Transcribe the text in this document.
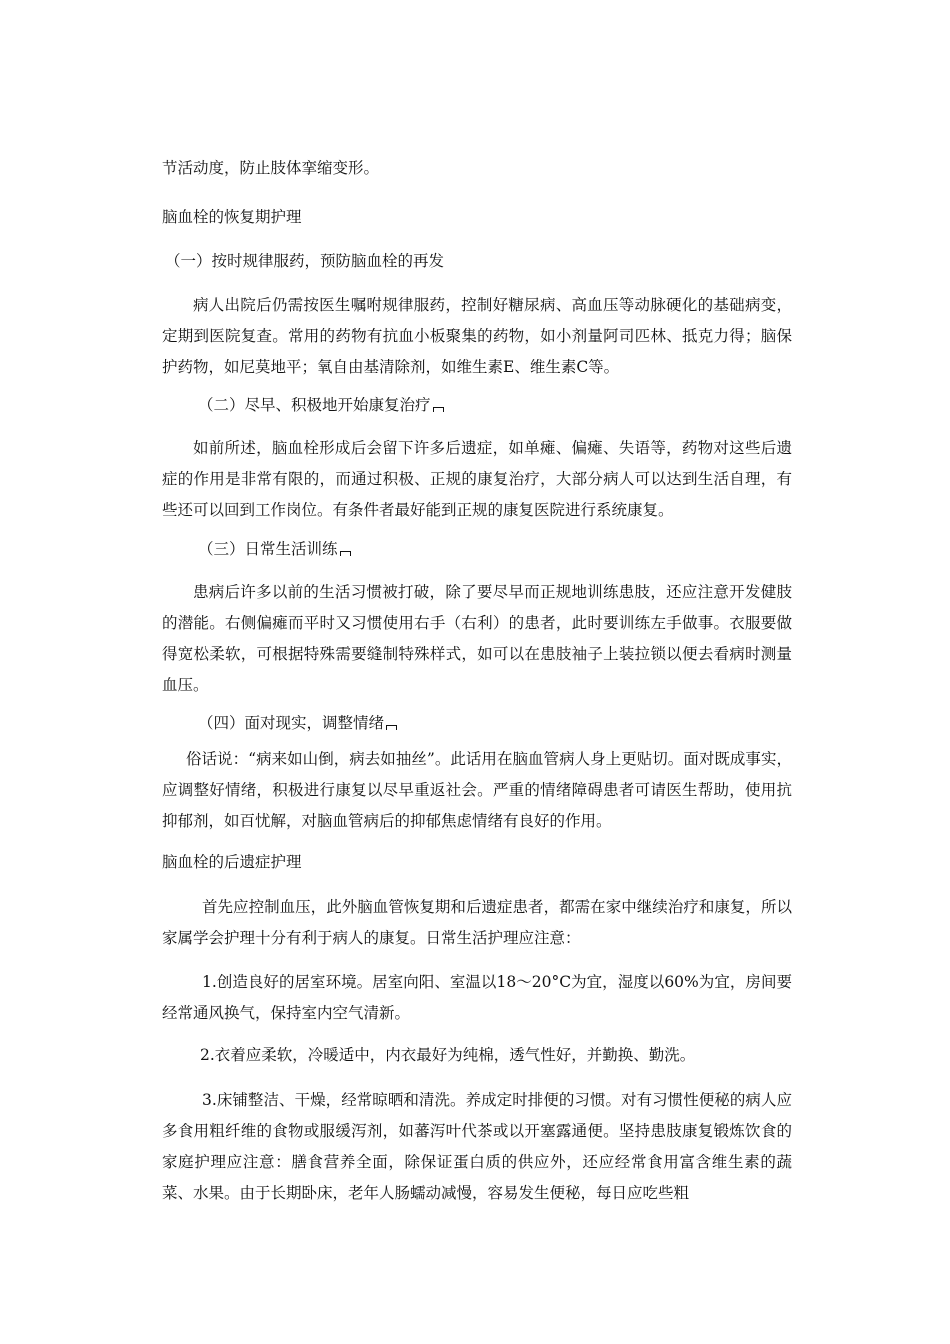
节活动度，防止肢体挛缩变形。

脑血栓的恢复期护理

（一）按时规律服药，预防脑血栓的再发

病人出院后仍需按医生嘱咐规律服药，控制好糖尿病、高血压等动脉硬化的基础病变，定期到医院复查。常用的药物有抗血小板聚集的药物，如小剂量阿司匹林、抵克力得；脑保护药物，如尼莫地平；氧自由基清除剂，如维生素E、维生素C等。

（二）尽早、积极地开始康复治疗

如前所述，脑血栓形成后会留下许多后遗症，如单瘫、偏瘫、失语等，药物对这些后遗症的作用是非常有限的，而通过积极、正规的康复治疗，大部分病人可以达到生活自理，有些还可以回到工作岗位。有条件者最好能到正规的康复医院进行系统康复。

（三）日常生活训练

患病后许多以前的生活习惯被打破，除了要尽早而正规地训练患肢，还应注意开发健肢的潜能。右侧偏瘫而平时又习惯使用右手（右利）的患者，此时要训练左手做事。衣服要做得宽松柔软，可根据特殊需要缝制特殊样式，如可以在患肢袖子上装拉锁以便去看病时测量血压。

（四）面对现实，调整情绪

俗话说：“病来如山倒，病去如抽丝”。此话用在脑血管病人身上更贴切。面对既成事实，应调整好情绪，积极进行康复以尽早重返社会。严重的情绪障碍患者可请医生帮助，使用抗抑郁剂，如百忧解，对脑血管病后的抑郁焦虑情绪有良好的作用。

脑血栓的后遗症护理

首先应控制血压，此外脑血管恢复期和后遗症患者，都需在家中继续治疗和康复，所以家属学会护理十分有利于病人的康复。日常生活护理应注意：

1.创造良好的居室环境。居室向阳、室温以18～20°C为宜，湿度以60%为宜，房间要经常通风换气，保持室内空气清新。

2.衣着应柔软，冷暖适中，内衣最好为纯棉，透气性好，并勤换、勤洗。

3.床铺整洁、干燥，经常晾晒和清洗。养成定时排便的习惯。对有习惯性便秘的病人应多食用粗纤维的食物或服缓泻剂，如蕃泻叶代茶或以开塞露通便。坚持患肢康复锻炼饮食的家庭护理应注意：膳食营养全面，除保证蛋白质的供应外，还应经常食用富含维生素的蔬菜、水果。由于长期卧床，老年人肠蠕动减慢，容易发生便秘，每日应吃些粗
